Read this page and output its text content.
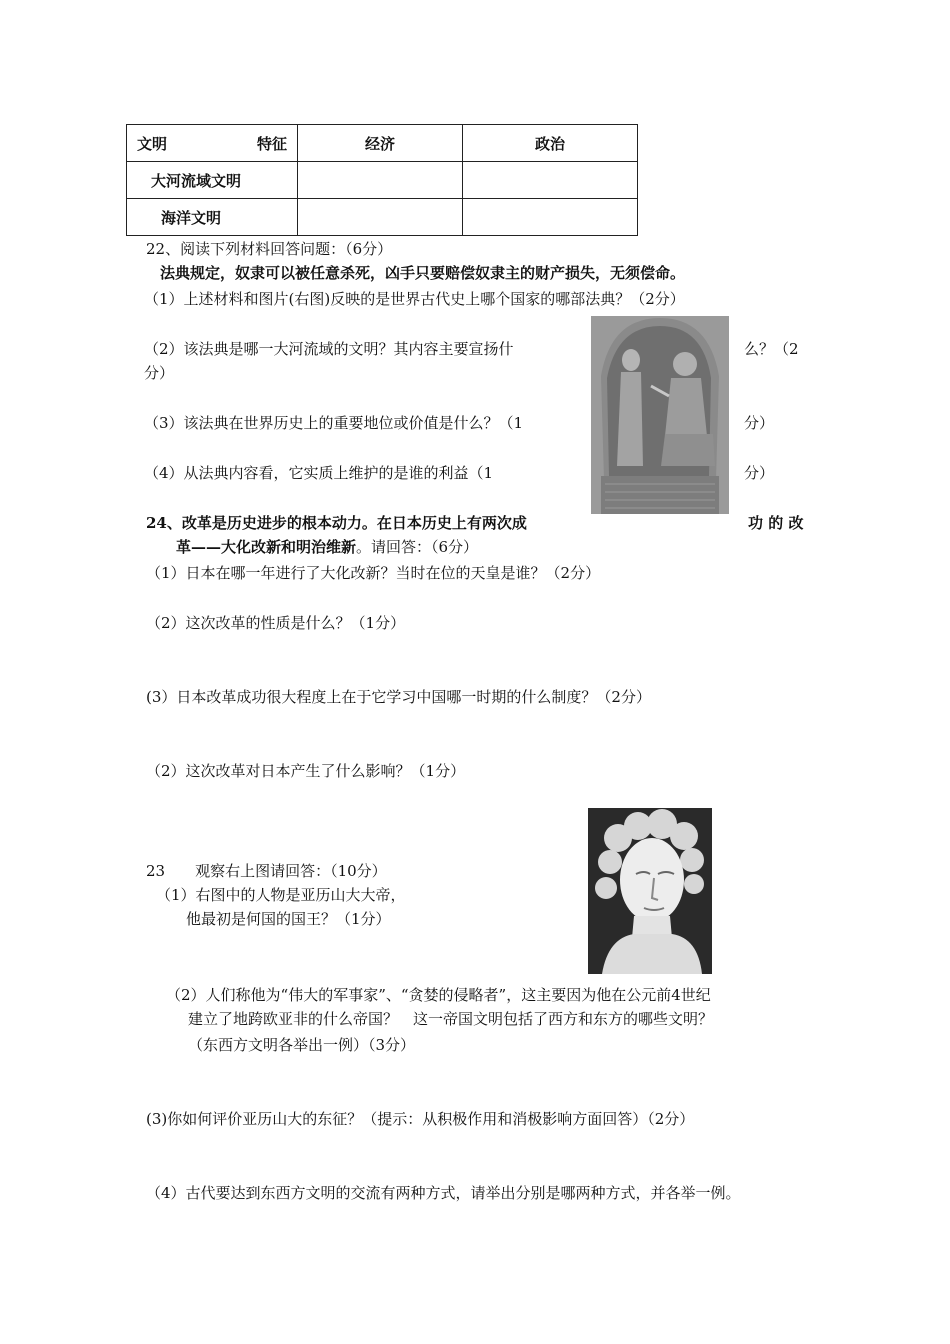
文明 特征	经济	政治
大河流域文明		
海洋文明		
22、阅读下列材料回答问题：（6分）
法典规定，奴隶可以被任意杀死，凶手只要赔偿奴隶主的财产损失，无须偿命。
（1）上述材料和图片(右图)反映的是世界古代史上哪个国家的哪部法典？（2分）
（2）该法典是哪一大河流域的文明？其内容主要宣扬什	么？（2
分）
（3）该法典在世界历史上的重要地位或价值是什么？（1	分）
（4）从法典内容看，它实质上维护的是谁的利益（1	分）
24、改革是历史进步的根本动力。在日本历史上有两次成	功 的 改
革——大化改新和明治维新。请回答：（6分）
（1）日本在哪一年进行了大化改新？当时在位的天皇是谁？（2分）
（2）这次改革的性质是什么？（1分）
(3）日本改革成功很大程度上在于它学习中国哪一时期的什么制度？（2分）
（2）这次改革对日本产生了什么影响？（1分）
23　　观察右上图请回答：（10分）
（1）右图中的人物是亚历山大大帝，
他最初是何国的国王？（1分）
（2）人们称他为“伟大的军事家”、“贪婪的侵略者”，这主要因为他在公元前4世纪
建立了地跨欧亚非的什么帝国？　这一帝国文明包括了西方和东方的哪些文明？
（东西方文明各举出一例）（3分）
(3)你如何评价亚历山大的东征？（提示：从积极作用和消极影响方面回答）（2分）
（4）古代要达到东西方文明的交流有两种方式，请举出分别是哪两种方式，并各举一例。
